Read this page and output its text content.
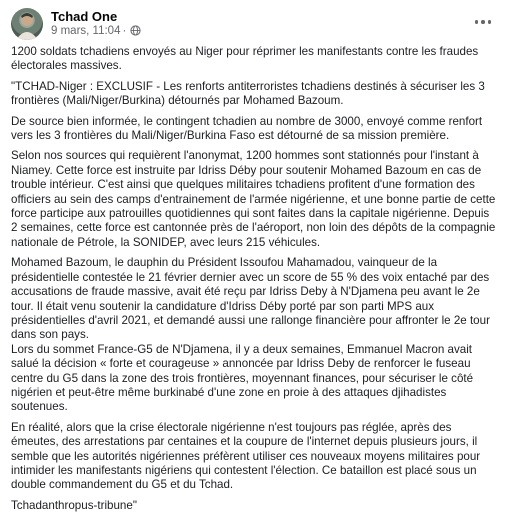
Tchad One
9 mars, 11:04 ·

1200 soldats tchadiens envoyés au Niger pour réprimer les manifestants contre les fraudes électorales massives.

"TCHAD-Niger : EXCLUSIF - Les renforts antiterroristes tchadiens destinés à sécuriser les 3 frontières (Mali/Niger/Burkina) détournés par Mohamed Bazoum.

De source bien informée, le contingent tchadien au nombre de 3000, envoyé comme renfort vers les 3 frontières du Mali/Niger/Burkina Faso est détourné de sa mission première.

Selon nos sources qui requièrent l'anonymat, 1200 hommes sont stationnés pour l'instant à Niamey. Cette force est instruite par Idriss Déby pour soutenir Mohamed Bazoum en cas de trouble intérieur. C'est ainsi que quelques militaires tchadiens profitent d'une formation des officiers au sein des camps d'entrainement de l'armée nigérienne, et une bonne partie de cette force participe aux patrouilles quotidiennes qui sont faites dans la capitale nigérienne. Depuis 2 semaines, cette force est cantonnée près de l'aéroport, non loin des dépôts de la compagnie nationale de Pétrole, la SONIDEP, avec leurs 215 véhicules.

Mohamed Bazoum, le dauphin du Président Issoufou Mahamadou, vainqueur de la présidentielle contestée le 21 février dernier avec un score de 55 % des voix entaché par des accusations de fraude massive, avait été reçu par Idriss Deby à N'Djamena peu avant le 2e tour. Il était venu soutenir la candidature d'Idriss Déby porté par son parti MPS aux présidentielles d'avril 2021, et demandé aussi une rallonge financière pour affronter le 2e tour dans son pays.
Lors du sommet France-G5 de N'Djamena, il y a deux semaines, Emmanuel Macron avait salué la décision « forte et courageuse » annoncée par Idriss Deby de renforcer le fuseau centre du G5 dans la zone des trois frontières, moyennant finances, pour sécuriser le côté nigérien et peut-être même burkinabé d'une zone en proie à des attaques djihadistes soutenues.

En réalité, alors que la crise électorale nigérienne n'est toujours pas réglée, après des émeutes, des arrestations par centaines et la coupure de l'internet depuis plusieurs jours, il semble que les autorités nigériennes préfèrent utiliser ces nouveaux moyens militaires pour intimider les manifestants nigériens qui contestent l'élection. Ce bataillon est placé sous un double commandement du G5 et du Tchad.

Tchadanthropus-tribune"
